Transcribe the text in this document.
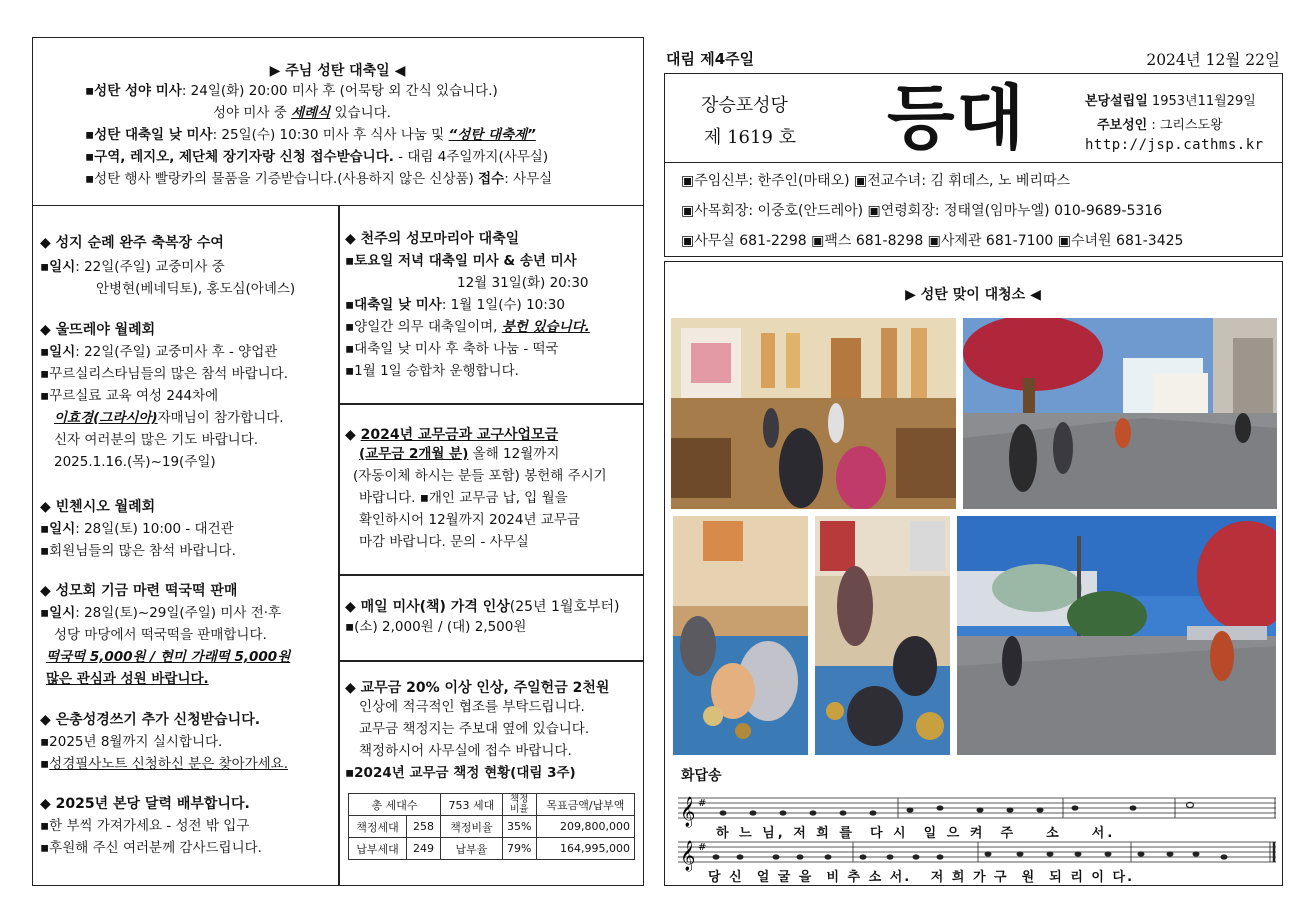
▶ 주님 성탄 대축일 ◀
▪성탄 성야 미사: 24일(화) 20:00 미사 후 (어묵탕 외 간식 있습니다.)
성야 미사 중 세례식 있습니다.
▪성탄 대축일 낮 미사: 25일(수) 10:30 미사 후 식사 나눔 및 “성탄 대축제”
▪구역, 레지오, 제단체 장기자랑 신청 접수받습니다. - 대림 4주일까지(사무실)
▪성탄 행사 빨랑카의 물품을 기증받습니다.(사용하지 않은 신상품) 접수: 사무실
◆ 성지 순례 완주 축복장 수여
▪일시: 22일(주일) 교중미사 중
안병현(베네딕토), 홍도심(아녜스)
◆ 울뜨레야 월례회
▪일시: 22일(주일) 교중미사 후 - 양업관
▪꾸르실리스타님들의 많은 참석 바랍니다.
▪꾸르실료 교육 여성 244차에
이효경(그라시아)자매님이 참가합니다.
신자 여러분의 많은 기도 바랍니다.
2025.1.16.(목)~19(주일)
◆ 빈첸시오 월례회
▪일시: 28일(토) 10:00 - 대건관
▪회원님들의 많은 참석 바랍니다.
◆ 성모회 기금 마련 떡국떡 판매
▪일시: 28일(토)~29일(주일) 미사 전·후
성당 마당에서 떡국떡을 판매합니다.
떡국떡 5,000원 / 현미 가래떡 5,000원
많은 관심과 성원 바랍니다.
◆ 은총성경쓰기 추가 신청받습니다.
▪2025년 8월까지 실시합니다.
▪성경필사노트 신청하신 분은 찾아가세요.
◆ 2025년 본당 달력 배부합니다.
▪한 부씩 가져가세요 - 성전 밖 입구
▪후원해 주신 여러분께 감사드립니다.
◆ 천주의 성모마리아 대축일
▪토요일 저녁 대축일 미사 & 송년 미사
12월 31일(화) 20:30
▪대축일 낮 미사: 1월 1일(수) 10:30
▪양일간 의무 대축일이며, 붕헌 있습니다.
▪대축일 낮 미사 후 축하 나눔 - 떡국
▪1월 1일 승합차 운행합니다.
◆ 2024년 교무금과 교구사업모금
(교무금 2개월 분) 올해 12월까지
(자동이체 하시는 분들 포함) 봉헌해 주시기
바랍니다. ▪개인 교무금 납, 입 월을
확인하시어 12월까지 2024년 교무금
마감 바랍니다. 문의 - 사무실
◆ 매일 미사(책) 가격 인상(25년 1월호부터)
▪(소) 2,000원 / (대) 2,500원
◆ 교무금 20% 이상 인상, 주일헌금 2천원
인상에 적극적인 협조를 부탁드립니다.
교무금 책정지는 주보대 옆에 있습니다.
책정하시어 사무실에 접수 바랍니다.
▪2024년 교무금 책정 현황(대림 3주)
총 세대수		753 세대	책정 비율	목표금액/납부액
책정세대	258	책정비율	35%	209,800,000
납부세대	249	납부율	79%	164,995,000
대림 제4주일	2024년 12월 22일
장승포성당
제 1619 호 등대	본당설립일 1953년11월29일
주보성인 : 그리스도왕
http://jsp.cathms.kr
▣주임신부: 한주인(마태오) ▣전교수녀: 김 휘데스, 노 베리따스
▣사목회장: 이중호(안드레아) ▣연령회장: 정태열(임마누엘) 010-9689-5316
▣사무실 681-2298 ▣팩스 681-8298 ▣사제관 681-7100 ▣수녀원 681-3425
▶ 성탄 맞이 대청소 ◀
화답송
𝄞 #
하 느 님, 저 희 를  다 시  일 으 켜  주    소    서.
𝄞 #
당 신  얼 굴 을  비 추 소 서.   저 희 가 구  원  되 리 이 다.
